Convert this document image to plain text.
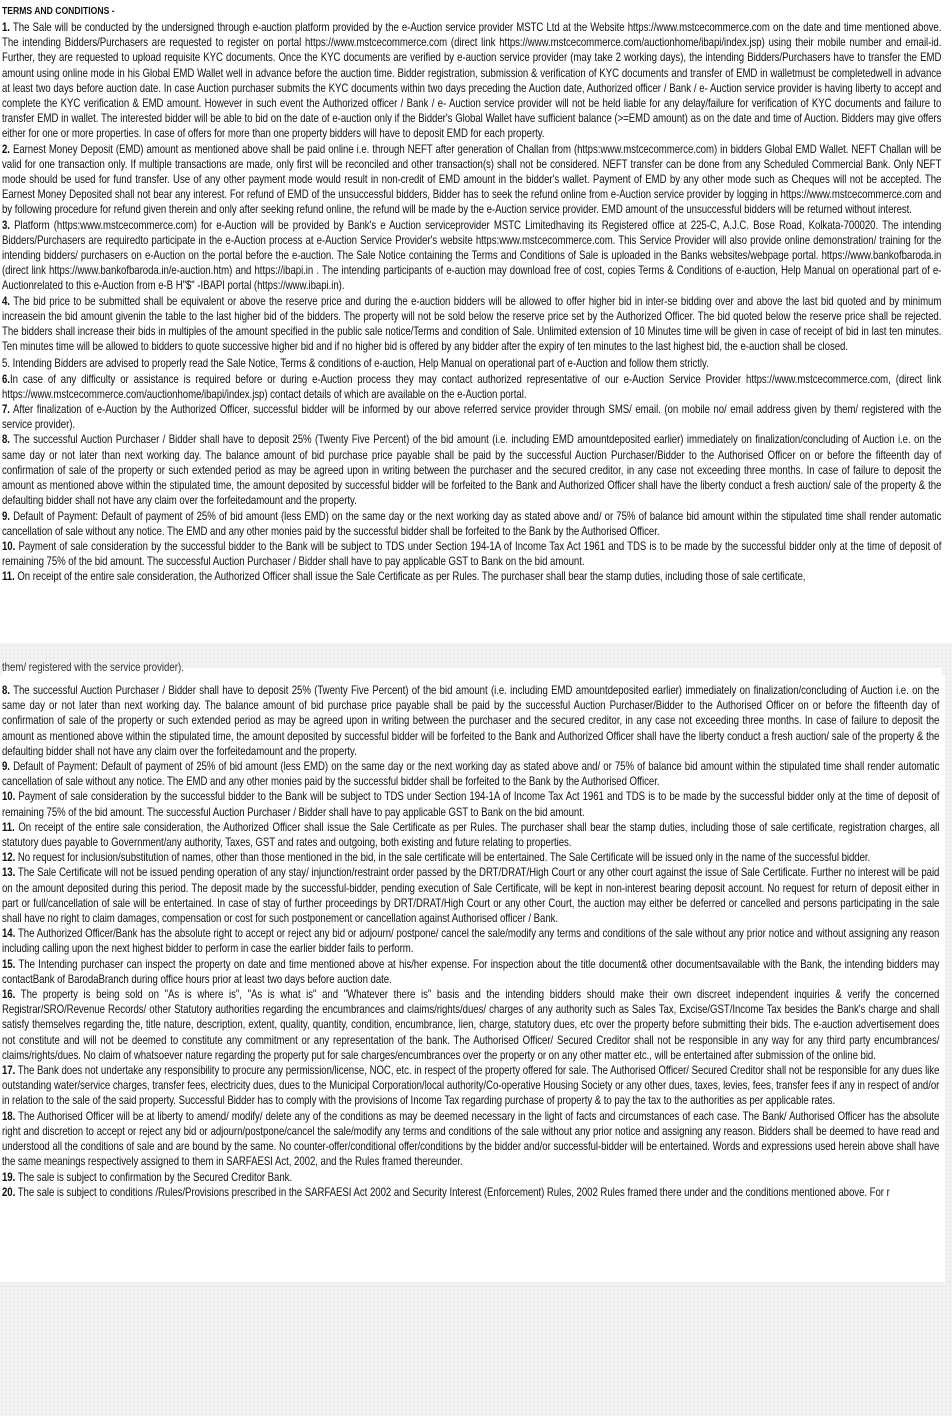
TERMS AND CONDITIONS -

1. The Sale will be conducted by the undersigned through e-auction platform provided by the e-Auction service provider MSTC Ltd at the Website https://www.mstcecommerce.com on the date and time mentioned above. The intending Bidders/Purchasers are requested to register on portal https://www.mstcecommerce.com (direct link https://www.mstcecommerce.com/auctionhome/ibapi/index.jsp) using their mobile number and email-id. Further, they are requested to upload requisite KYC documents. Once the KYC documents are verified by e-auction service provider (may take 2 working days), the intending Bidders/Purchasers have to transfer the EMD amount using online mode in his Global EMD Wallet well in advance before the auction time. Bidder registration, submission & verification of KYC documents and transfer of EMD in walletmust be completedwell in advance at least two days before auction date. In case Auction purchaser submits the KYC documents within two days preceding the Auction date, Authorized officer / Bank / e- Auction service provider is having liberty to accept and complete the KYC verification & EMD amount. However in such event the Authorized officer / Bank / e- Auction service provider will not be held liable for any delay/failure for verification of KYC documents and failure to transfer EMD in wallet. The interested bidder will be able to bid on the date of e-auction only if the Bidder's Global Wallet have sufficient balance (>=EMD amount) as on the date and time of Auction. Bidders may give offers either for one or more properties. In case of offers for more than one property bidders will have to deposit EMD for each property.

2. Earnest Money Deposit (EMD) amount as mentioned above shall be paid online i.e. through NEFT after generation of Challan from (https:www.mstcecommerce.com) in bidders Global EMD Wallet. NEFT Challan will be valid for one transaction only. If multiple transactions are made, only first will be reconciled and other transaction(s) shall not be considered. NEFT transfer can be done from any Scheduled Commercial Bank. Only NEFT mode should be used for fund transfer. Use of any other payment mode would result in non-credit of EMD amount in the bidder's wallet. Payment of EMD by any other mode such as Cheques will not be accepted. The Earnest Money Deposited shall not bear any interest. For refund of EMD of the unsuccessful bidders, Bidder has to seek the refund online from e-Auction service provider by logging in https://www.mstcecommerce.com and by following procedure for refund given therein and only after seeking refund online, the refund will be made by the e-Auction service provider. EMD amount of the unsuccessful bidders will be returned without interest.

3. Platform (https:www.mstcecommerce.com) for e-Auction will be provided by Bank's e Auction serviceprovider MSTC Limitedhaving its Registered office at 225-C, A.J.C. Bose Road, Kolkata-700020. The intending Bidders/Purchasers are requiredto participate in the e-Auction process at e-Auction Service Provider's website https:www.mstcecommerce.com. This Service Provider will also provide online demonstration/ training for the intending bidders/ purchasers on e-Auction on the portal before the e-auction. The Sale Notice containing the Terms and Conditions of Sale is uploaded in the Banks websites/webpage portal. https://www.bankofbaroda.in (direct link https://www.bankofbaroda.in/e-auction.htm) and https://ibapi.in . The intending participants of e-auction may download free of cost, copies Terms & Conditions of e-auction, Help Manual on operational part of e-Auctionrelated to this e-Auction from e-B H"$" -IBAPI portal (https://www.ibapi.in).

4. The bid price to be submitted shall be equivalent or above the reserve price and during the e-auction bidders will be allowed to offer higher bid in inter-se bidding over and above the last bid quoted and by minimum increasein the bid amount givenin the table to the last higher bid of the bidders. The property will not be sold below the reserve price set by the Authorized Officer. The bid quoted below the reserve price shall be rejected. The bidders shall increase their bids in multiples of the amount specified in the public sale notice/Terms and condition of Sale. Unlimited extension of 10 Minutes time will be given in case of receipt of bid in last ten minutes. Ten minutes time will be allowed to bidders to quote successive higher bid and if no higher bid is offered by any bidder after the expiry of ten minutes to the last highest bid, the e-auction shall be closed.

5. Intending Bidders are advised to properly read the Sale Notice, Terms & conditions of e-auction, Help Manual on operational part of e-Auction and follow them strictly.

6.In case of any difficulty or assistance is required before or during e-Auction process they may contact authorized representative of our e-Auction Service Provider https://www.mstcecommerce.com, (direct link https://www.mstcecommerce.com/auctionhome/ibapi/index.jsp) contact details of which are available on the e-Auction portal.

7. After finalization of e-Auction by the Authorized Officer, successful bidder will be informed by our above referred service provider through SMS/ email. (on mobile no/ email address given by them/ registered with the service provider).

8. The successful Auction Purchaser / Bidder shall have to deposit 25% (Twenty Five Percent) of the bid amount (i.e. including EMD amountdeposited earlier) immediately on finalization/concluding of Auction i.e. on the same day or not later than next working day. The balance amount of bid purchase price payable shall be paid by the successful Auction Purchaser/Bidder to the Authorised Officer on or before the fifteenth day of confirmation of sale of the property or such extended period as may be agreed upon in writing between the purchaser and the secured creditor, in any case not exceeding three months. In case of failure to deposit the amount as mentioned above within the stipulated time, the amount deposited by successful bidder will be forfeited to the Bank and Authorized Officer shall have the liberty conduct a fresh auction/ sale of the property & the defaulting bidder shall not have any claim over the forfeitedamount and the property.

9. Default of Payment: Default of payment of 25% of bid amount (less EMD) on the same day or the next working day as stated above and/ or 75% of balance bid amount within the stipulated time shall render automatic cancellation of sale without any notice. The EMD and any other monies paid by the successful bidder shall be forfeited to the Bank by the Authorised Officer.

10. Payment of sale consideration by the successful bidder to the Bank will be subject to TDS under Section 194-1A of Income Tax Act 1961 and TDS is to be made by the successful bidder only at the time of deposit of remaining 75% of the bid amount. The successful Auction Purchaser / Bidder shall have to pay applicable GST to Bank on the bid amount.

11. On receipt of the entire sale consideration, the Authorized Officer shall issue the Sale Certificate as per Rules. The purchaser shall bear the stamp duties, including those of sale certificate,

them/ registered with the service provider).

8. The successful Auction Purchaser / Bidder shall have to deposit 25% (Twenty Five Percent) of the bid amount (i.e. including EMD amountdeposited earlier) immediately on finalization/concluding of Auction i.e. on the same day or not later than next working day. The balance amount of bid purchase price payable shall be paid by the successful Auction Purchaser/Bidder to the Authorised Officer on or before the fifteenth day of confirmation of sale of the property or such extended period as may be agreed upon in writing between the purchaser and the secured creditor, in any case not exceeding three months. In case of failure to deposit the amount as mentioned above within the stipulated time, the amount deposited by successful bidder will be forfeited to the Bank and Authorized Officer shall have the liberty conduct a fresh auction/ sale of the property & the defaulting bidder shall not have any claim over the forfeitedamount and the property.

9. Default of Payment: Default of payment of 25% of bid amount (less EMD) on the same day or the next working day as stated above and/ or 75% of balance bid amount within the stipulated time shall render automatic cancellation of sale without any notice. The EMD and any other monies paid by the successful bidder shall be forfeited to the Bank by the Authorised Officer.

10. Payment of sale consideration by the successful bidder to the Bank will be subject to TDS under Section 194-1A of Income Tax Act 1961 and TDS is to be made by the successful bidder only at the time of deposit of remaining 75% of the bid amount. The successful Auction Purchaser / Bidder shall have to pay applicable GST to Bank on the bid amount.

11. On receipt of the entire sale consideration, the Authorized Officer shall issue the Sale Certificate as per Rules. The purchaser shall bear the stamp duties, including those of sale certificate, registration charges, all statutory dues payable to Government/any authority, Taxes, GST and rates and outgoing, both existing and future relating to properties.

12. No request for inclusion/substitution of names, other than those mentioned in the bid, in the sale certificate will be entertained. The Sale Certificate will be issued only in the name of the successful bidder.

13. The Sale Certificate will not be issued pending operation of any stay/ injunction/restraint order passed by the DRT/DRAT/High Court or any other court against the issue of Sale Certificate. Further no interest will be paid on the amount deposited during this period. The deposit made by the successful-bidder, pending execution of Sale Certificate, will be kept in non-interest bearing deposit account. No request for return of deposit either in part or full/cancellation of sale will be entertained. In case of stay of further proceedings by DRT/DRAT/High Court or any other Court, the auction may either be deferred or cancelled and persons participating in the sale shall have no right to claim damages, compensation or cost for such postponement or cancellation against Authorised officer / Bank.

14. The Authorized Officer/Bank has the absolute right to accept or reject any bid or adjourn/ postpone/ cancel the sale/modify any terms and conditions of the sale without any prior notice and without assigning any reason including calling upon the next highest bidder to perform in case the earlier bidder fails to perform.

15. The Intending purchaser can inspect the property on date and time mentioned above at his/her expense. For inspection about the title document& other documentsavailable with the Bank, the intending bidders may contactBank of BarodaBranch during office hours prior at least two days before auction date.

16. The property is being sold on "As is where is", "As is what is" and "Whatever there is" basis and the intending bidders should make their own discreet independent inquiries & verify the concerned Registrar/SRO/Revenue Records/ other Statutory authorities regarding the encumbrances and claims/rights/dues/ charges of any authority such as Sales Tax, Excise/GST/Income Tax besides the Bank's charge and shall satisfy themselves regarding the, title nature, description, extent, quality, quantity, condition, encumbrance, lien, charge, statutory dues, etc over the property before submitting their bids. The e-auction advertisement does not constitute and will not be deemed to constitute any commitment or any representation of the bank. The Authorised Officer/ Secured Creditor shall not be responsible in any way for any third party encumbrances/ claims/rights/dues. No claim of whatsoever nature regarding the property put for sale charges/encumbrances over the property or on any other matter etc., will be entertained after submission of the online bid.

17. The Bank does not undertake any responsibility to procure any permission/license, NOC, etc. in respect of the property offered for sale. The Authorised Officer/ Secured Creditor shall not be responsible for any dues like outstanding water/service charges, transfer fees, electricity dues, dues to the Municipal Corporation/local authority/Co-operative Housing Society or any other dues, taxes, levies, fees, transfer fees if any in respect of and/or in relation to the sale of the said property. Successful Bidder has to comply with the provisions of Income Tax regarding purchase of property & to pay the tax to the authorities as per applicable rates.

18. The Authorised Officer will be at liberty to amend/ modify/ delete any of the conditions as may be deemed necessary in the light of facts and circumstances of each case. The Bank/ Authorised Officer has the absolute right and discretion to accept or reject any bid or adjourn/postpone/cancel the sale/modify any terms and conditions of the sale without any prior notice and assigning any reason. Bidders shall be deemed to have read and understood all the conditions of sale and are bound by the same. No counter-offer/conditional offer/conditions by the bidder and/or successful-bidder will be entertained. Words and expressions used herein above shall have the same meanings respectively assigned to them in SARFAESI Act, 2002, and the Rules framed thereunder.

19. The sale is subject to confirmation by the Secured Creditor Bank.

20. The sale is subject to conditions /Rules/Provisions prescribed in the SARFAESI Act 2002 and Security Interest (Enforcement) Rules, 2002 Rules framed there under and the conditions mentioned above. For r
